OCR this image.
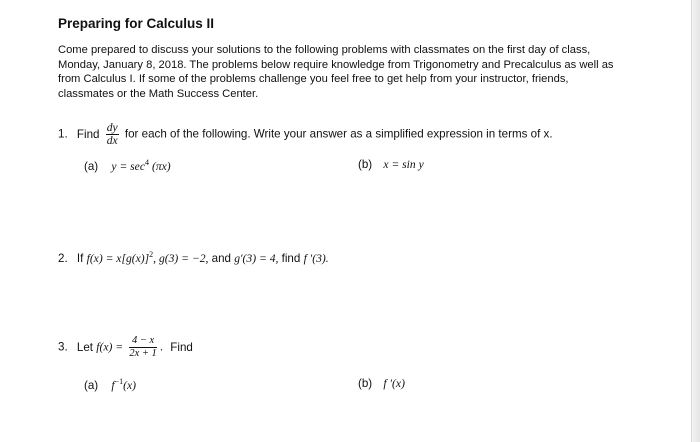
Preparing for Calculus II
Come prepared to discuss your solutions to the following problems with classmates on the first day of class, Monday, January 8, 2018. The problems below require knowledge from Trigonometry and Precalculus as well as from Calculus I. If some of the problems challenge you feel free to get help from your instructor, friends, classmates or the Math Success Center.
1. Find $\frac{dy}{dx}$ for each of the following. Write your answer as a simplified expression in terms of x.
(a) $y = \sec^4 (\pi x)$	(b) x = sin y
2. If $f(x) = x[g(x)]^2$, g(3) = −2, and g′(3) = 4, find f ′(3).
3. Let $f(x) = \frac{4 - x}{2x + 1}$ . Find
(a) $f^{-1}(x)$	(b) f ′(x)
